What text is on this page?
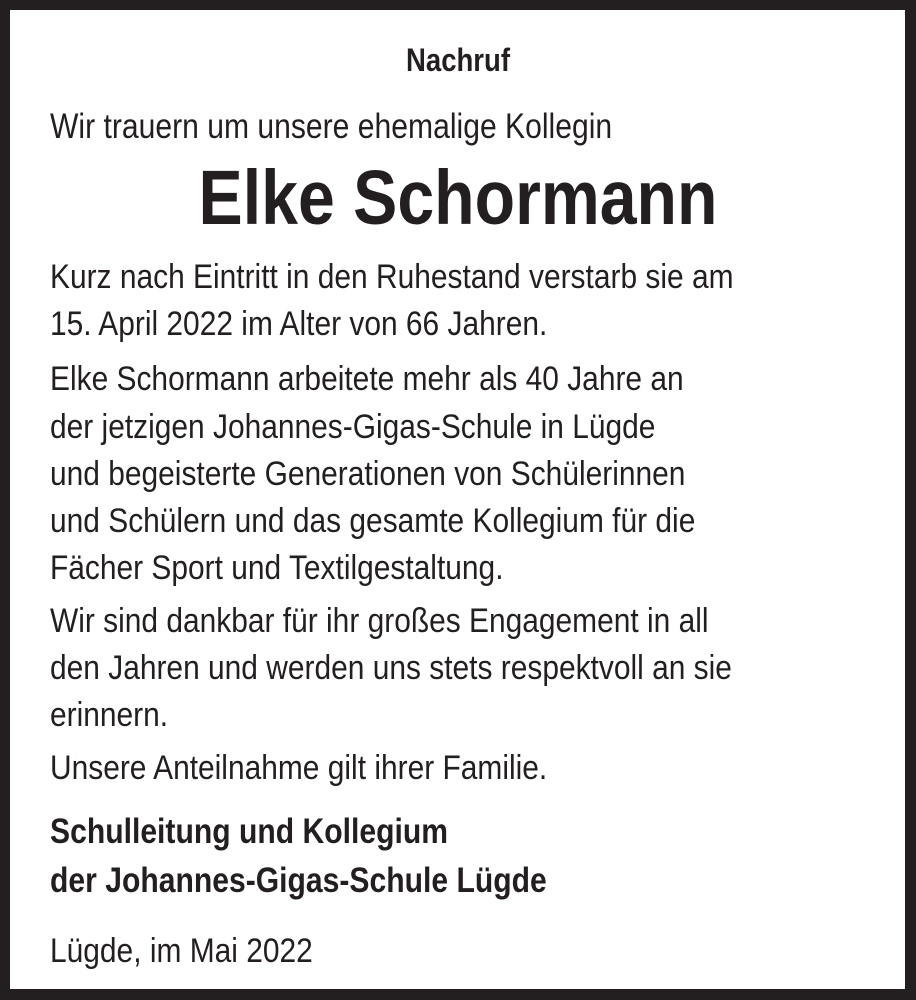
Nachruf
Wir trauern um unsere ehemalige Kollegin
Elke Schormann
Kurz nach Eintritt in den Ruhestand verstarb sie am
15. April 2022 im Alter von 66 Jahren.
Elke Schormann arbeitete mehr als 40 Jahre an
der jetzigen Johannes-Gigas-Schule in Lügde
und begeisterte Generationen von Schülerinnen
und Schülern und das gesamte Kollegium für die
Fächer Sport und Textilgestaltung.
Wir sind dankbar für ihr großes Engagement in all
den Jahren und werden uns stets respektvoll an sie
erinnern.
Unsere Anteilnahme gilt ihrer Familie.
Schulleitung und Kollegium
der Johannes-Gigas-Schule Lügde
Lügde, im Mai 2022
